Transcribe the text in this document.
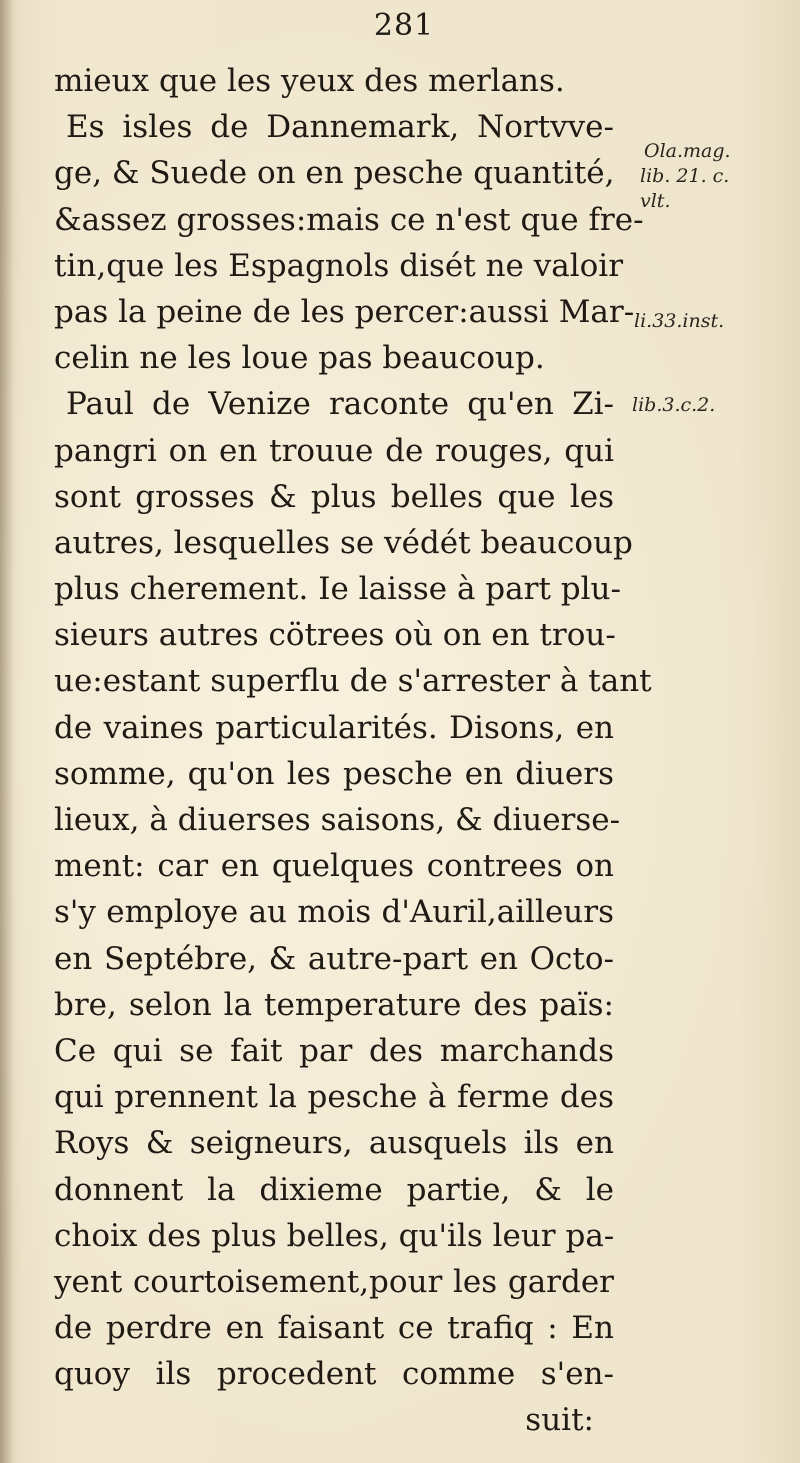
281
mieux que les yeux des merlans.
Es isles de Dannemark, Nortvve-
ge, & Suede on en pesche quantité,
&assez grosses:mais ce n'est que fre-
tin,que les Espagnols disét ne valoir
pas la peine de les percer:aussi Mar-
celin ne les loue pas beaucoup.
Paul de Venize raconte qu'en Zi-
pangri on en trouue de rouges, qui
sont grosses & plus belles que les
autres, lesquelles se védét beaucoup
plus cherement. Ie laisse à part plu-
sieurs autres cötrees où on en trou-
ue:estant superflu de s'arrester à tant
de vaines particularités. Disons, en
somme, qu'on les pesche en diuers
lieux, à diuerses saisons, & diuerse-
ment: car en quelques contrees on
s'y employe au mois d'Auril,ailleurs
en Septébre, & autre-part en Octo-
bre, selon la temperature des païs:
Ce qui se fait par des marchands
qui prennent la pesche à ferme des
Roys & seigneurs, ausquels ils en
donnent la dixieme partie, & le
choix des plus belles, qu'ils leur pa-
yent courtoisement,pour les garder
de perdre en faisant ce trafiq : En
quoy ils procedent comme s'en-
suit:
Ola.mag.
lib. 21. c.
vlt.
li.33.inst.
lib.3.c.2.
